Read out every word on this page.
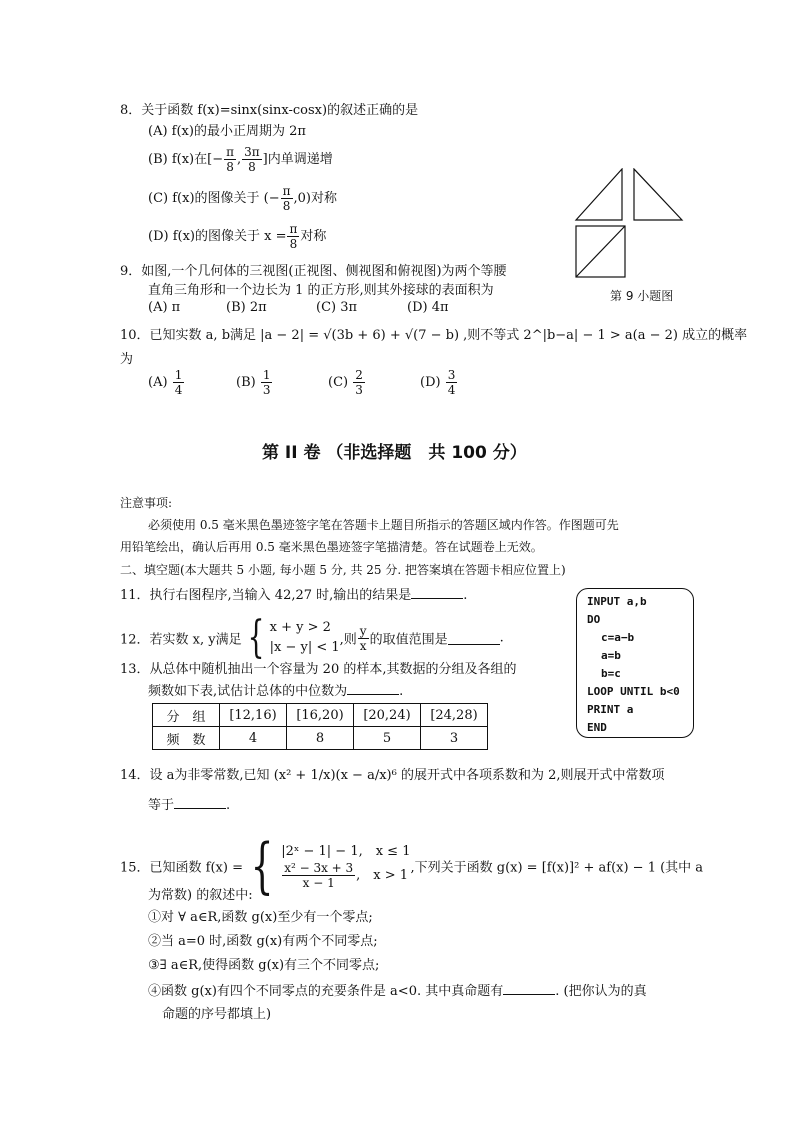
8．关于函数 f(x)=sinx(sinx-cosx)的叙述正确的是
(A) f(x)的最小正周期为 2π
(B) f(x)在[− $\frac{\pi}{8}$ , $\frac{3\pi}{8}$ ]内单调递增
(C) f(x)的图像关于 (− $\frac{\pi}{8} ,0$)对称
(D) f(x)的图像关于 $x = \frac{\pi}{8}$ 对称
第 9 小题图
9．如图,一个几何体的三视图(正视图、侧视图和俯视图)为两个等腰
直角三角形和一个边长为 1 的正方形,则其外接球的表面积为
(A) π	(B) 2π	(C) 3π	(D) 4π
10．已知实数 a, b满足 |a − 2| = √(3b + 6) + √(7 − b) ,则不等式 2^|b−a| − 1 > a(a − 2) 成立的概率
为
$(A) \frac{1}{4}$	$(B) \frac{1}{3}$	$(C) \frac{2}{3}$	$(D) \frac{3}{4}$
第 II 卷 （非选择题　共 100 分）
注意事项:
必须使用 0.5 毫米黑色墨迹签字笔在答题卡上题目所指示的答题区域内作答。作图题可先
用铅笔绘出，确认后再用 0.5 毫米黑色墨迹签字笔描清楚。答在试题卷上无效。
二、填空题(本大题共 5 小题, 每小题 5 分, 共 25 分. 把答案填在答题卡相应位置上)
11．执行右图程序,当输入 42,27 时,输出的结果是	.	INPUT a,b
DO
c=a−b
a=b
b=c
LOOP UNTIL b<0
PRINT a
END
12．若实数 x, y满足 { x + y > 2
|x − y| < 1 ,则 $\frac{y}{x}$ 的取值范围是	.
13．从总体中随机抽出一个容量为 20 的样本,其数据的分组及各组的
频数如下表,试估计总体的中位数为	.
分　组	[12,16)	[16,20)	[20,24)	[24,28)
频　数	4	8	5	3
14．设 a为非零常数,已知 (x² + 1/x)(x − a/x)⁶ 的展开式中各项系数和为 2,则展开式中常数项
等于	.
15．已知函数 f(x) = { |2ˣ − 1| − 1,　x ≤ 1
$\frac{\text{x² − 3x + 3}}{x - 1}$ ,　x > 1 ,下列关于函数 g(x) = [f(x)]² + af(x) − 1 (其中 a
为常数) 的叙述中:
①对 ∀ a∈R,函数 g(x)至少有一个零点;
②当 a=0 时,函数 g(x)有两个不同零点;
③∃ a∈R,使得函数 g(x)有三个不同零点;
④函数 g(x)有四个不同零点的充要条件是 a<0. 其中真命题有	. (把你认为的真
命题的序号都填上)
